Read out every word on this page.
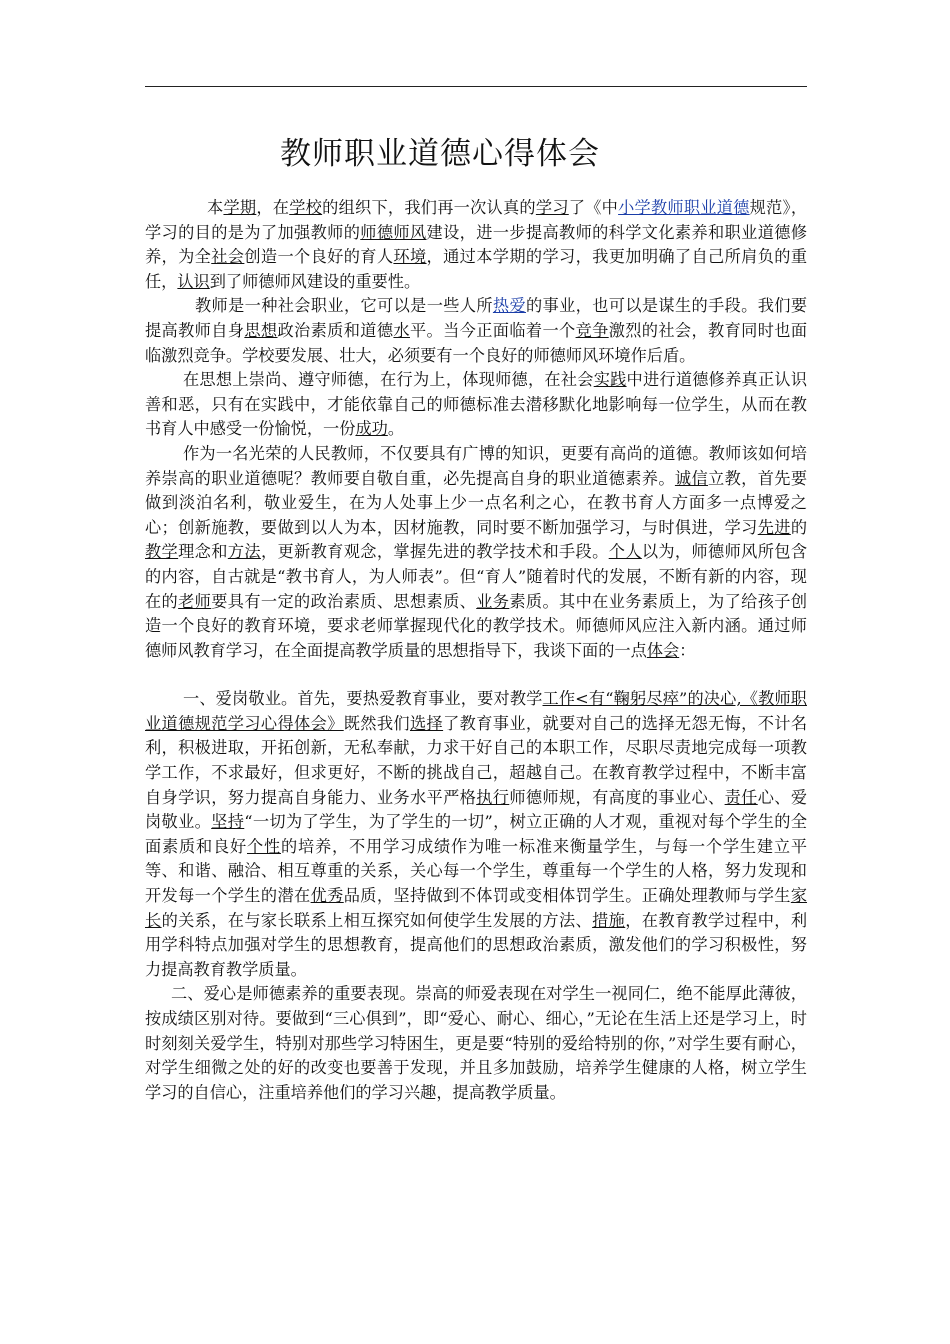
教师职业道德心得体会

本学期，在学校的组织下，我们再一次认真的学习了《中小学教师职业道德规范》，学习的目的是为了加强教师的师德师风建设，进一步提高教师的科学文化素养和职业道德修养，为全社会创造一个良好的育人环境，通过本学期的学习，我更加明确了自己所肩负的重任，认识到了师德师风建设的重要性。

教师是一种社会职业，它可以是一些人所热爱的事业，也可以是谋生的手段。我们要提高教师自身思想政治素质和道德水平。当今正面临着一个竞争激烈的社会，教育同时也面临激烈竞争。学校要发展、壮大，必须要有一个良好的师德师风环境作后盾。

在思想上崇尚、遵守师德，在行为上，体现师德，在社会实践中进行道德修养真正认识善和恶，只有在实践中，才能依靠自己的师德标准去潜移默化地影响每一位学生，从而在教书育人中感受一份愉悦，一份成功。

作为一名光荣的人民教师，不仅要具有广博的知识，更要有高尚的道德。教师该如何培养崇高的职业道德呢？教师要自敬自重，必先提高自身的职业道德素养。诚信立教，首先要做到淡泊名利，敬业爱生，在为人处事上少一点名利之心，在教书育人方面多一点博爱之心；创新施教，要做到以人为本，因材施教，同时要不断加强学习，与时俱进，学习先进的教学理念和方法，更新教育观念，掌握先进的教学技术和手段。个人以为，师德师风所包含的内容，自古就是“教书育人，为人师表”。但“育人”随着时代的发展，不断有新的内容，现在的老师要具有一定的政治素质、思想素质、业务素质。其中在业务素质上，为了给孩子创造一个良好的教育环境，要求老师掌握现代化的教学技术。师德师风应注入新内涵。通过师德师风教育学习，在全面提高教学质量的思想指导下，我谈下面的一点体会：

一、爱岗敬业。首先，要热爱教育事业，要对教学工作<有“鞠躬尽瘁”的决心,《教师职业道德规范学习心得体会》既然我们选择了教育事业，就要对自己的选择无怨无悔，不计名利，积极进取，开拓创新，无私奉献，力求干好自己的本职工作，尽职尽责地完成每一项教学工作，不求最好，但求更好，不断的挑战自己，超越自己。在教育教学过程中，不断丰富自身学识，努力提高自身能力、业务水平严格执行师德师规，有高度的事业心、责任心、爱岗敬业。坚持“一切为了学生，为了学生的一切”，树立正确的人才观，重视对每个学生的全面素质和良好个性的培养，不用学习成绩作为唯一标准来衡量学生，与每一个学生建立平等、和谐、融洽、相互尊重的关系，关心每一个学生，尊重每一个学生的人格，努力发现和开发每一个学生的潜在优秀品质，坚持做到不体罚或变相体罚学生。正确处理教师与学生家长的关系，在与家长联系上相互探究如何使学生发展的方法、措施，在教育教学过程中，利用学科特点加强对学生的思想教育，提高他们的思想政治素质，激发他们的学习积极性，努力提高教育教学质量。

二、爱心是师德素养的重要表现。崇高的师爱表现在对学生一视同仁，绝不能厚此薄彼，按成绩区别对待。要做到“三心俱到”，即“爱心、耐心、细心，”无论在生活上还是学习上，时时刻刻关爱学生，特别对那些学习特困生，更是要“特别的爱给特别的你，”对学生要有耐心，对学生细微之处的好的改变也要善于发现，并且多加鼓励，培养学生健康的人格，树立学生学习的自信心，注重培养他们的学习兴趣，提高教学质量。
